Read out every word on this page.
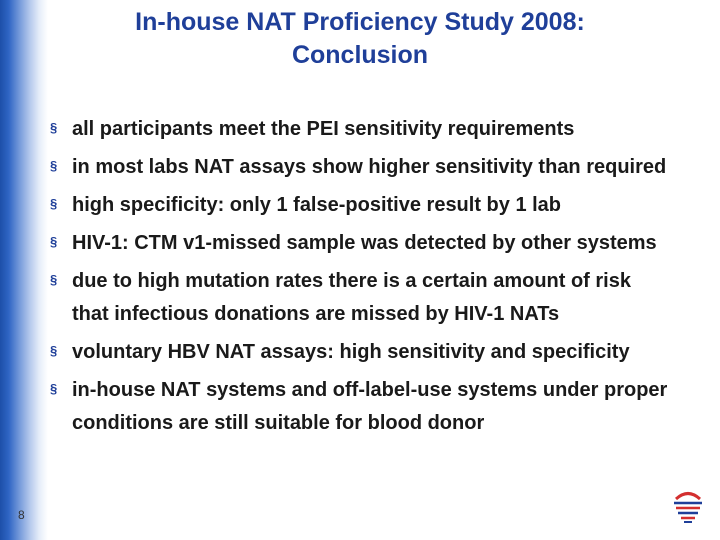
In-house NAT Proficiency Study 2008:
Conclusion
§ all participants meet the PEI sensitivity requirements
§ in most labs NAT assays show higher sensitivity than required
§ high specificity: only 1 false-positive result by 1 lab
§ HIV-1: CTM v1-missed sample was detected by other systems
§ due to high mutation rates there is a certain amount of risk that infectious donations are missed by HIV-1 NATs
§ voluntary HBV NAT assays: high sensitivity and specificity
§ in-house NAT systems and off-label-use systems under proper conditions are still suitable for blood donor
8
